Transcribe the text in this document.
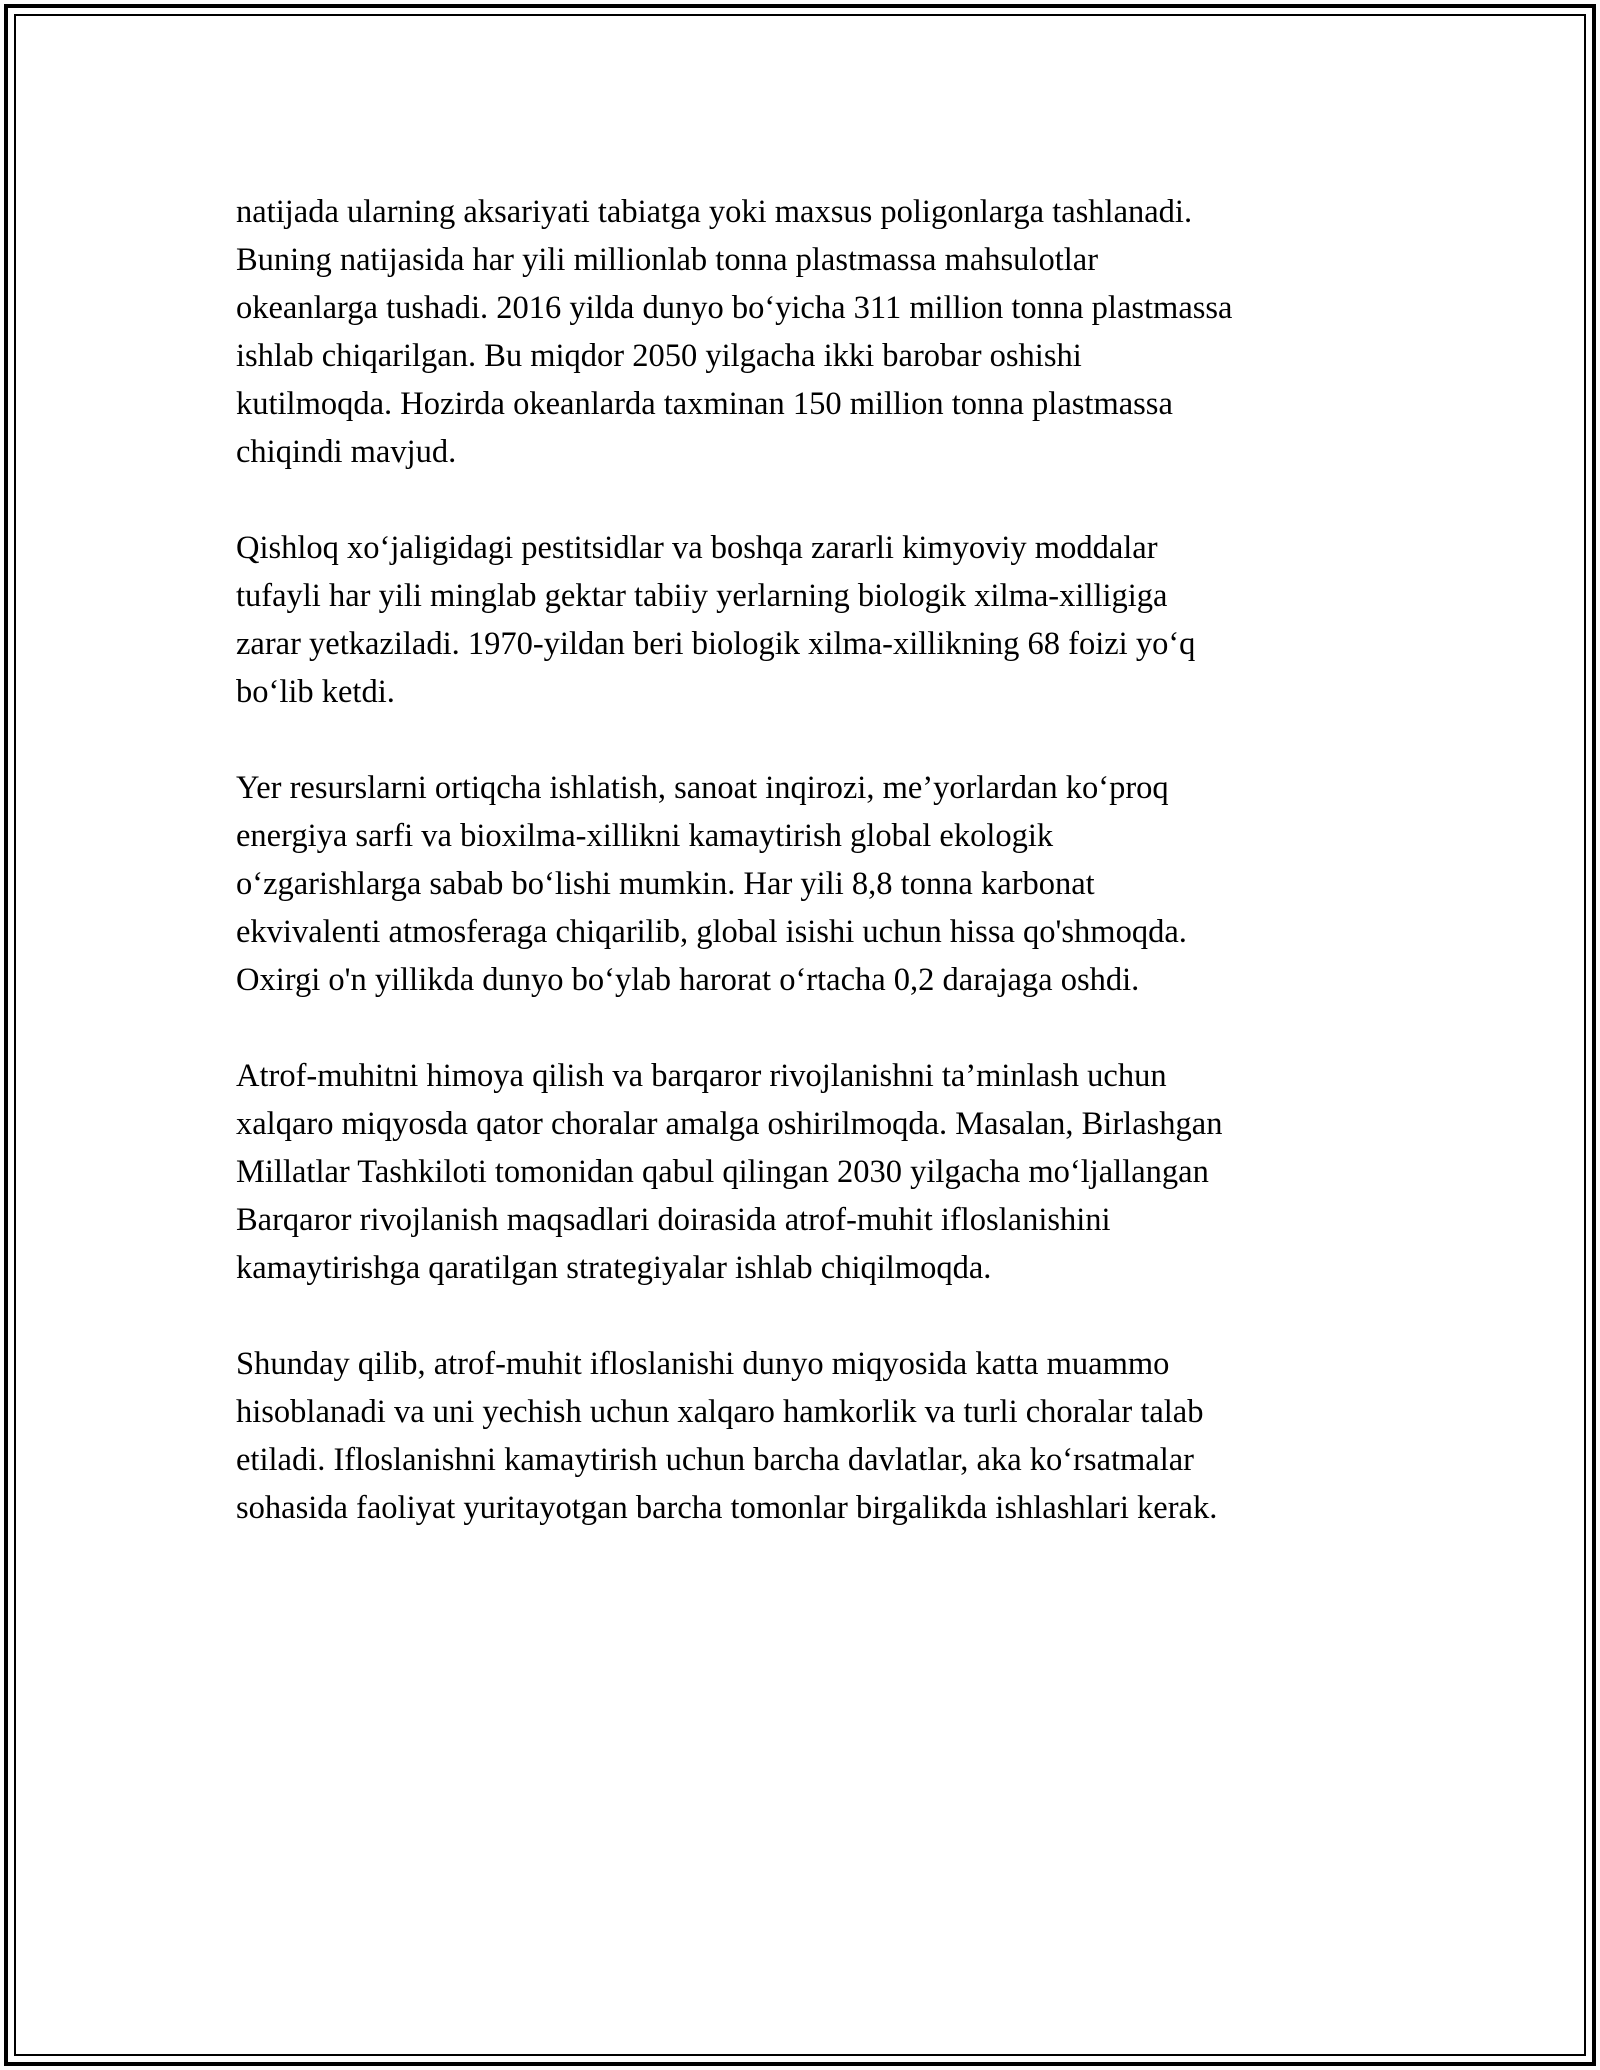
natijada ularning aksariyati tabiatga yoki maxsus poligonlarga tashlanadi.
Buning natijasida har yili millionlab tonna plastmassa mahsulotlar
okeanlarga tushadi. 2016 yilda dunyo bo‘yicha 311 million tonna plastmassa
ishlab chiqarilgan. Bu miqdor 2050 yilgacha ikki barobar oshishi
kutilmoqda. Hozirda okeanlarda taxminan 150 million tonna plastmassa
chiqindi mavjud.

Qishloq xo‘jaligidagi pestitsidlar va boshqa zararli kimyoviy moddalar
tufayli har yili minglab gektar tabiiy yerlarning biologik xilma-xilligiga
zarar yetkaziladi. 1970-yildan beri biologik xilma-xillikning 68 foizi yo‘q
bo‘lib ketdi.

Yer resurslarni ortiqcha ishlatish, sanoat inqirozi, me’yorlardan ko‘proq
energiya sarfi va bioxilma-xillikni kamaytirish global ekologik
o‘zgarishlarga sabab bo‘lishi mumkin. Har yili 8,8 tonna karbonat
ekvivalenti atmosferaga chiqarilib, global isishi uchun hissa qo'shmoqda.
Oxirgi o'n yillikda dunyo bo‘ylab harorat o‘rtacha 0,2 darajaga oshdi.

Atrof-muhitni himoya qilish va barqaror rivojlanishni ta’minlash uchun
xalqaro miqyosda qator choralar amalga oshirilmoqda. Masalan, Birlashgan
Millatlar Tashkiloti tomonidan qabul qilingan 2030 yilgacha mo‘ljallangan
Barqaror rivojlanish maqsadlari doirasida atrof-muhit ifloslanishini
kamaytirishga qaratilgan strategiyalar ishlab chiqilmoqda.

Shunday qilib, atrof-muhit ifloslanishi dunyo miqyosida katta muammo
hisoblanadi va uni yechish uchun xalqaro hamkorlik va turli choralar talab
etiladi. Ifloslanishni kamaytirish uchun barcha davlatlar, aka ko‘rsatmalar
sohasida faoliyat yuritayotgan barcha tomonlar birgalikda ishlashlari kerak.
